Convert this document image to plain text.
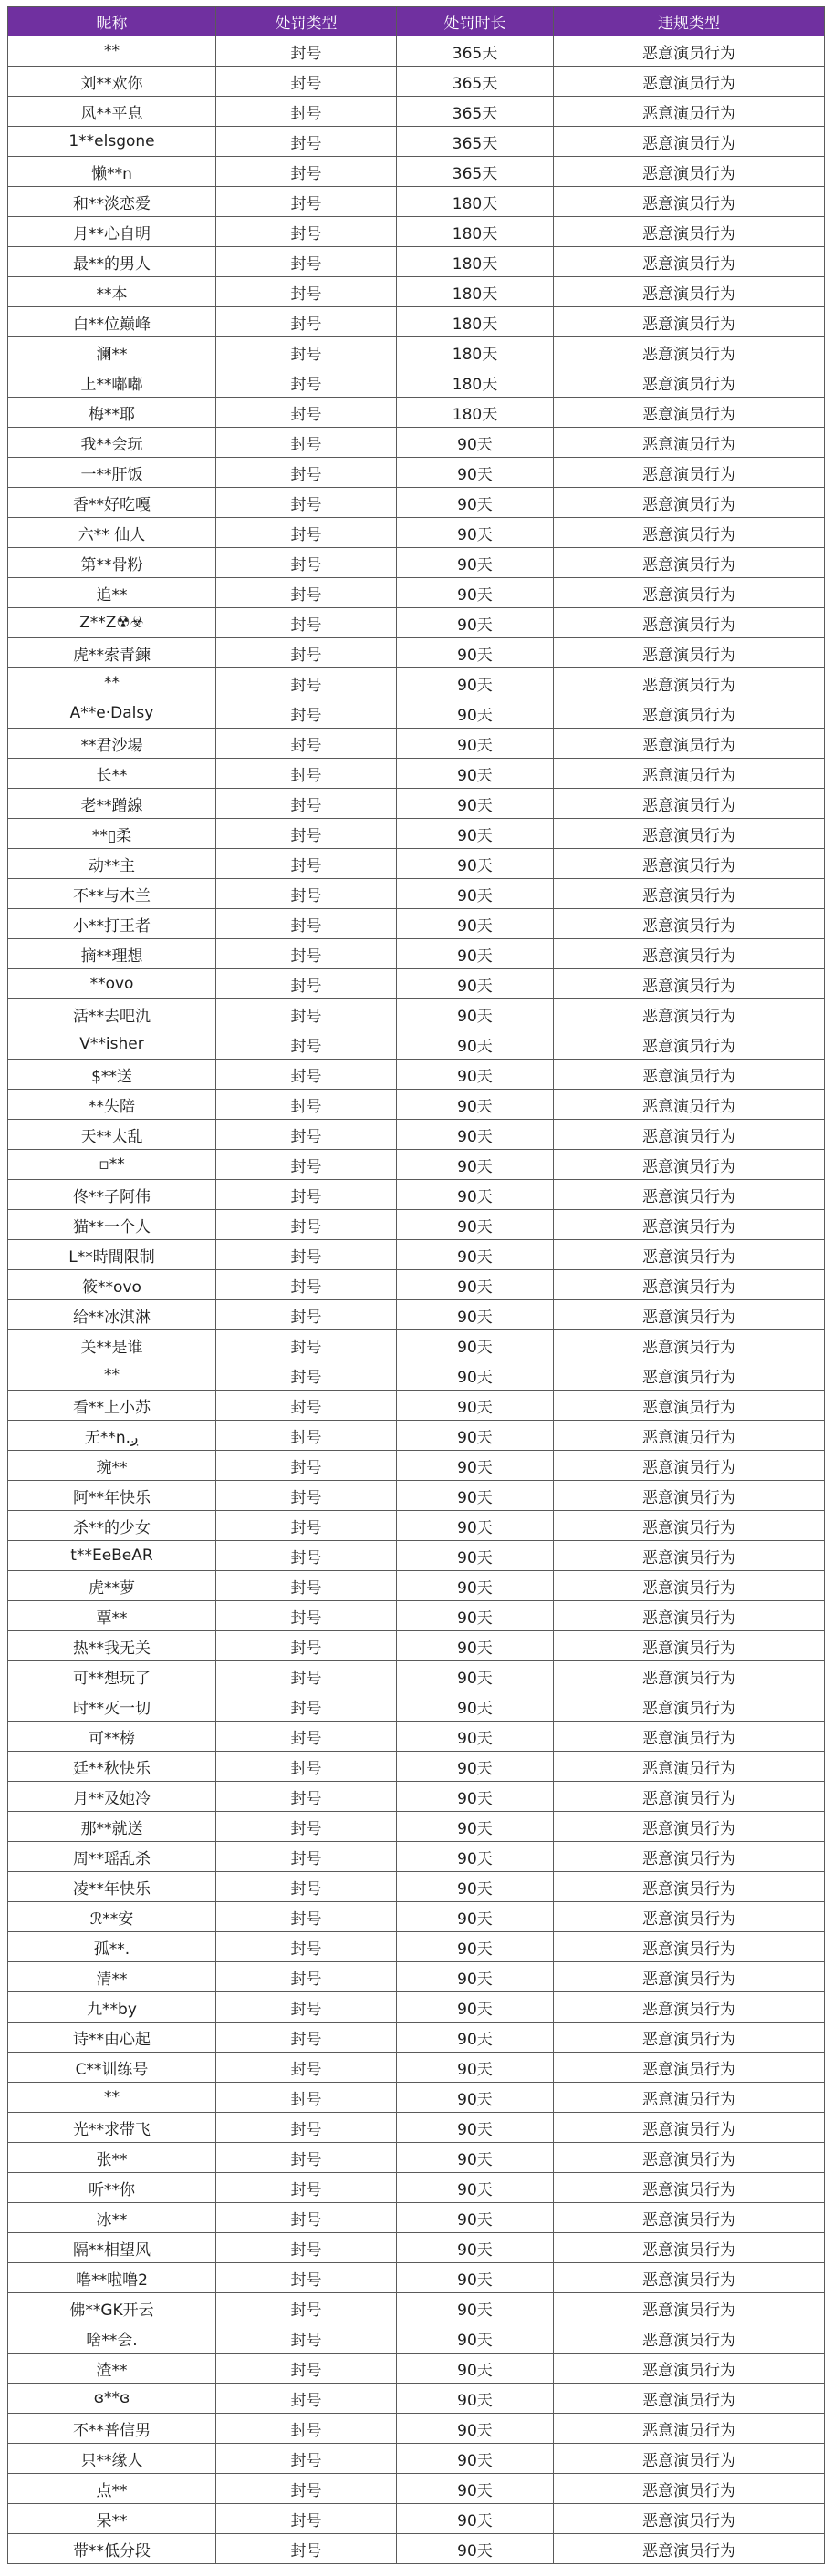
昵称	处罚类型	处罚时长	违规类型
**	封号	365天	恶意演员行为
刘**欢你	封号	365天	恶意演员行为
风**平息	封号	365天	恶意演员行为
1**elsgone	封号	365天	恶意演员行为
懒**n	封号	365天	恶意演员行为
和**淡恋爱	封号	180天	恶意演员行为
月**心自明	封号	180天	恶意演员行为
最**的男人	封号	180天	恶意演员行为
**本	封号	180天	恶意演员行为
白**位巅峰	封号	180天	恶意演员行为
澜**	封号	180天	恶意演员行为
上**嘟嘟	封号	180天	恶意演员行为
梅**耶	封号	180天	恶意演员行为
我**会玩	封号	90天	恶意演员行为
一**肝饭	封号	90天	恶意演员行为
香**好吃嘎	封号	90天	恶意演员行为
六** 仙人	封号	90天	恶意演员行为
第**骨粉	封号	90天	恶意演员行为
追**	封号	90天	恶意演员行为
Z**Z☢☣	封号	90天	恶意演员行为
虎**索青鍊	封号	90天	恶意演员行为
**	封号	90天	恶意演员行为
A**e·Dalsy	封号	90天	恶意演员行为
**君沙場	封号	90天	恶意演员行为
长**	封号	90天	恶意演员行为
老**蹭線	封号	90天	恶意演员行为
**▯柔	封号	90天	恶意演员行为
动**主	封号	90天	恶意演员行为
不**与木兰	封号	90天	恶意演员行为
小**打王者	封号	90天	恶意演员行为
摘**理想	封号	90天	恶意演员行为
**ovo	封号	90天	恶意演员行为
活**去吧氿	封号	90天	恶意演员行为
V**isher	封号	90天	恶意演员行为
$**送	封号	90天	恶意演员行为
**失陪	封号	90天	恶意演员行为
天**太乱	封号	90天	恶意演员行为
▫**	封号	90天	恶意演员行为
佟**子阿伟	封号	90天	恶意演员行为
猫**一个人	封号	90天	恶意演员行为
L**時間限制	封号	90天	恶意演员行为
筱**ovo	封号	90天	恶意演员行为
给**冰淇淋	封号	90天	恶意演员行为
关**是谁	封号	90天	恶意演员行为
**	封号	90天	恶意演员行为
看**上小苏	封号	90天	恶意演员行为
无**n.ږ	封号	90天	恶意演员行为
琬**	封号	90天	恶意演员行为
阿**年快乐	封号	90天	恶意演员行为
杀**的少女	封号	90天	恶意演员行为
t**EeBeAR	封号	90天	恶意演员行为
虎**萝	封号	90天	恶意演员行为
覃**	封号	90天	恶意演员行为
热**我无关	封号	90天	恶意演员行为
可**想玩了	封号	90天	恶意演员行为
时**灭一切	封号	90天	恶意演员行为
可**榜	封号	90天	恶意演员行为
廷**秋快乐	封号	90天	恶意演员行为
月**及她冷	封号	90天	恶意演员行为
那**就送	封号	90天	恶意演员行为
周**瑶乱杀	封号	90天	恶意演员行为
凌**年快乐	封号	90天	恶意演员行为
ℛ**安	封号	90天	恶意演员行为
孤**.	封号	90天	恶意演员行为
清**	封号	90天	恶意演员行为
九**by	封号	90天	恶意演员行为
诗**由心起	封号	90天	恶意演员行为
C**训练号	封号	90天	恶意演员行为
**	封号	90天	恶意演员行为
光**求带飞	封号	90天	恶意演员行为
张**	封号	90天	恶意演员行为
听**你	封号	90天	恶意演员行为
冰**	封号	90天	恶意演员行为
隔**相望风	封号	90天	恶意演员行为
噜**啦噜2	封号	90天	恶意演员行为
佛**GK开云	封号	90天	恶意演员行为
啥**会.	封号	90天	恶意演员行为
渣**	封号	90天	恶意演员行为
ɞ**ɞ	封号	90天	恶意演员行为
不**普信男	封号	90天	恶意演员行为
只**缘人	封号	90天	恶意演员行为
点**	封号	90天	恶意演员行为
呆**	封号	90天	恶意演员行为
带**低分段	封号	90天	恶意演员行为
